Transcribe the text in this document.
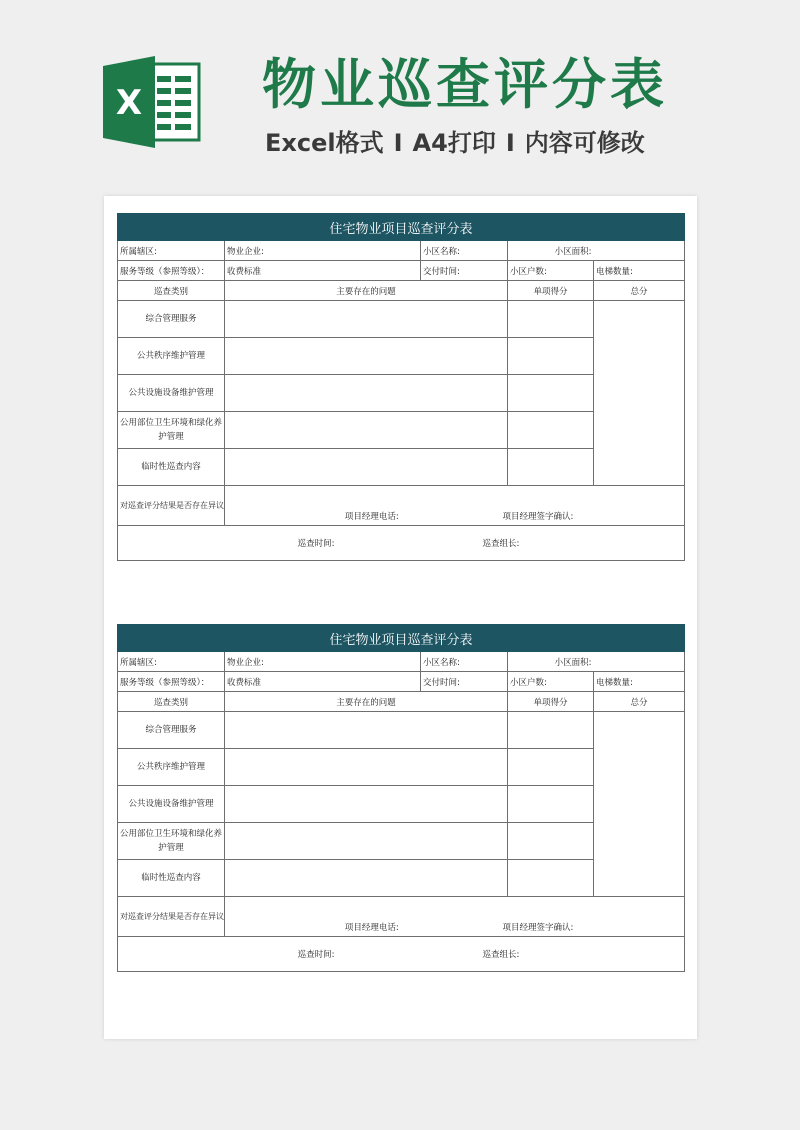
X 物业巡查评分表
Excel格式 I A4打印 I 内容可修改
住宅物业项目巡查评分表				
所属辖区:	物业企业:	小区名称:	小区面积:	
服务等级（参照等级）：	收费标准	交付时间:	小区户数:	电梯数量:
巡查类别	主要存在的问题		单项得分	总分
综合管理服务				
公共秩序维护管理				
公共设施设备维护管理				
公用部位卫生环境和绿化养护管理				
临时性巡查内容				
对巡查评分结果是否存在异议	项目经理电话:	项目经理签字确认:		
巡查时间:		巡查组长:		
住宅物业项目巡查评分表				
所属辖区:	物业企业:	小区名称:	小区面积:	
服务等级（参照等级）：	收费标准	交付时间:	小区户数:	电梯数量:
巡查类别	主要存在的问题		单项得分	总分
综合管理服务				
公共秩序维护管理				
公共设施设备维护管理				
公用部位卫生环境和绿化养护管理				
临时性巡查内容				
对巡查评分结果是否存在异议	项目经理电话:	项目经理签字确认:		
巡查时间:		巡查组长:		
